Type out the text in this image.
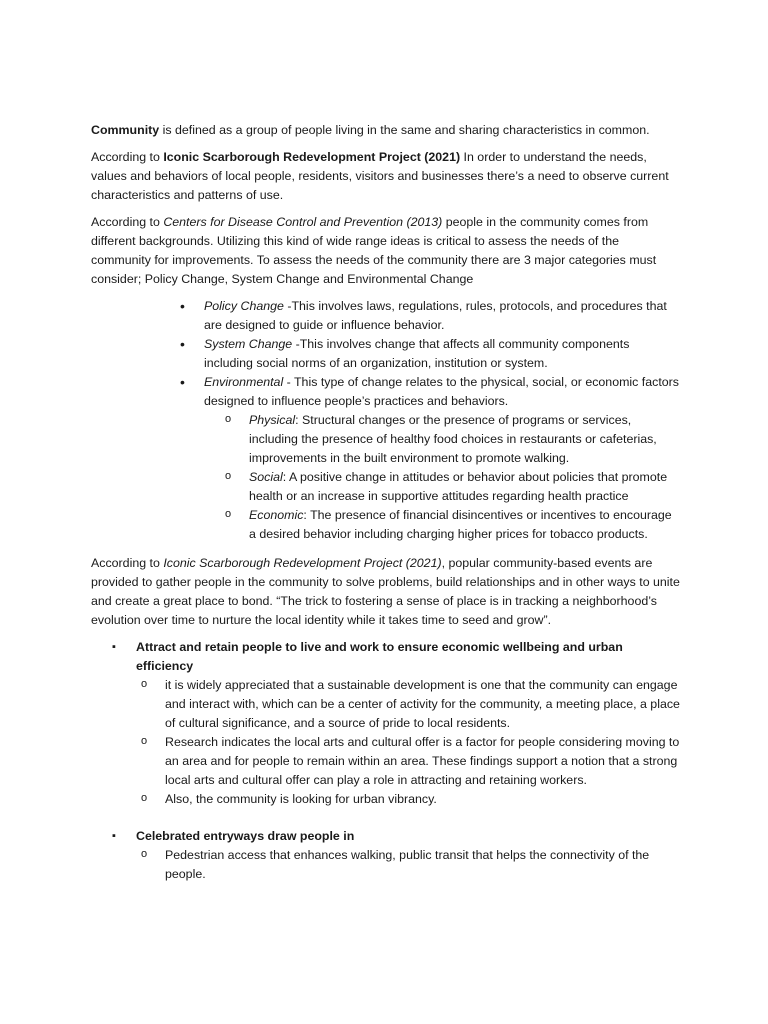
Community is defined as a group of people living in the same and sharing characteristics in common.

According to Iconic Scarborough Redevelopment Project (2021) In order to understand the needs, values and behaviors of local people, residents, visitors and businesses there’s a need to observe current characteristics and patterns of use.

According to Centers for Disease Control and Prevention (2013) people in the community comes from different backgrounds. Utilizing this kind of wide range ideas is critical to assess the needs of the community for improvements. To assess the needs of the community there are 3 major categories must consider; Policy Change, System Change and Environmental Change

• Policy Change -This involves laws, regulations, rules, protocols, and procedures that are designed to guide or influence behavior.
• System Change -This involves change that affects all community components including social norms of an organization, institution or system.
• Environmental - This type of change relates to the physical, social, or economic factors designed to influence people’s practices and behaviors.
o Physical: Structural changes or the presence of programs or services, including the presence of healthy food choices in restaurants or cafeterias, improvements in the built environment to promote walking.
o Social: A positive change in attitudes or behavior about policies that promote health or an increase in supportive attitudes regarding health practice
o Economic: The presence of financial disincentives or incentives to encourage a desired behavior including charging higher prices for tobacco products.

According to Iconic Scarborough Redevelopment Project (2021), popular community-based events are provided to gather people in the community to solve problems, build relationships and in other ways to unite and create a great place to bond. “The trick to fostering a sense of place is in tracking a neighborhood’s evolution over time to nurture the local identity while it takes time to seed and grow”.

▪ Attract and retain people to live and work to ensure economic wellbeing and urban efficiency
o it is widely appreciated that a sustainable development is one that the community can engage and interact with, which can be a center of activity for the community, a meeting place, a place of cultural significance, and a source of pride to local residents.
o Research indicates the local arts and cultural offer is a factor for people considering moving to an area and for people to remain within an area. These findings support a notion that a strong local arts and cultural offer can play a role in attracting and retaining workers.
o Also, the community is looking for urban vibrancy.
▪ Celebrated entryways draw people in
o Pedestrian access that enhances walking, public transit that helps the connectivity of the people.
